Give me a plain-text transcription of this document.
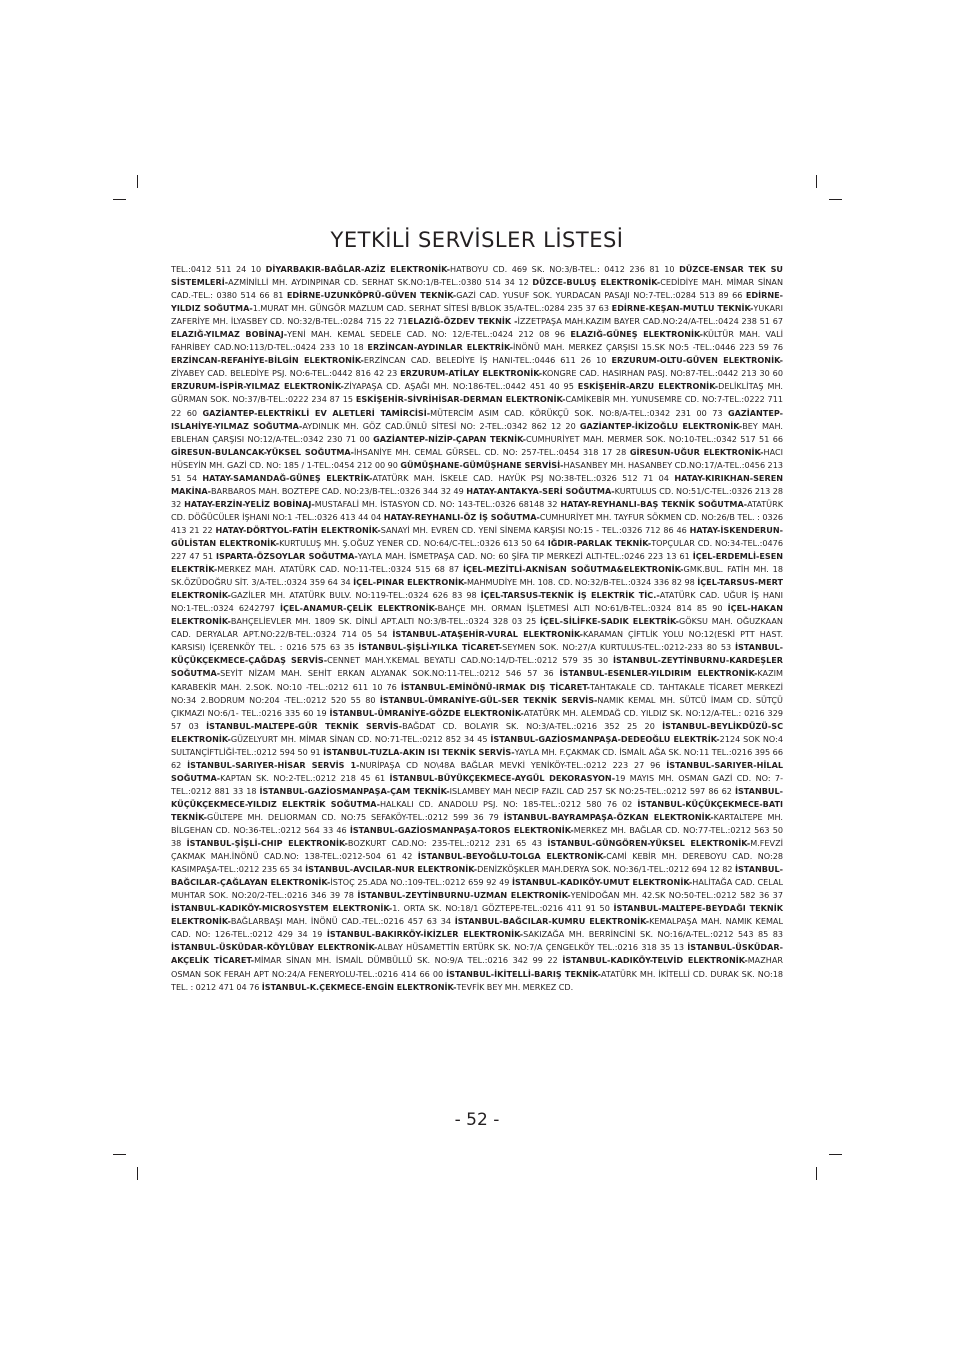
YETKİLİ SERVİSLER LİSTESİ

TEL.:0412 511 24 10 DİYARBAKIR-BAĞLAR-AZİZ ELEKTRONİK-HATBOYU CD. 469 SK. NO:3/B-TEL.: 0412 236 81 10 DÜZCE-ENSAR TEK SU SİSTEMLERİ-AZMİNİLLİ MH. AYDINPINAR CD. SERHAT SK.NO:1/B-TEL.:0380 514 34 12 DÜZCE-BULUŞ ELEKTRONİK-CEDİDİYE MAH. MİMAR SİNAN CAD.-TEL.: 0380 514 66 81 EDİRNE-UZUNKÖPRÜ-GÜVEN TEKNİK-GAZİ CAD. YUSUF SOK. YURDACAN PASAJI NO:7-TEL.:0284 513 89 66 EDİRNE-YILDIZ SOĞUTMA-1.MURAT MH. GÜNGÖR MAZLUM CAD. SERHAT SİTESİ B/BLOK 35/A-TEL.:0284 235 37 63 EDİRNE-KEŞAN-MUTLU TEKNİK-YUKARI ZAFERİYE MH. İLYASBEY CD. NO:32/B-TEL.:0284 715 22 71ELAZIĞ-ÖZDEV TEKNİK -İZZETPAŞA MAH.KAZIM BAYER CAD.NO:24/A-TEL.:0424 238 51 67 ELAZIĞ-YILMAZ BOBİNAJ-YENİ MAH. KEMAL SEDELE CAD. NO: 12/E-TEL.:0424 212 08 96 ELAZIĞ-GÜNEŞ ELEKTRONİK-KÜLTÜR MAH. VALİ FAHRİBEY CAD.NO:113/D-TEL.:0424 233 10 18 ERZİNCAN-AYDINLAR ELEKTRİK-İNÖNÜ MAH. MERKEZ ÇARŞISI 15.SK NO:5 -TEL.:0446 223 59 76 ERZİNCAN-REFAHİYE-BİLGİN ELEKTRONİK-ERZİNCAN CAD. BELEDİYE İŞ HANI-TEL.:0446 611 26 10 ERZURUM-OLTU-GÜVEN ELEKTRONİK-ZİYABEY CAD. BELEDİYE PSJ. NO:6-TEL.:0442 816 42 23 ERZURUM-ATİLAY ELEKTRONİK-KONGRE CAD. HASIRHAN PASJ. NO:87-TEL.:0442 213 30 60 ERZURUM-İSPİR-YILMAZ ELEKTRONİK-ZİYAPAŞA CD. AŞAĞI MH. NO:186-TEL.:0442 451 40 95 ESKİŞEHİR-ARZU ELEKTRONİK-DELİKLİTAŞ MH. GÜRMAN SOK. NO:37/B-TEL.:0222 234 87 15 ESKİŞEHİR-SİVRİHİSAR-DERMAN ELEKTRONİK-CAMİKEBİR MH. YUNUSEMRE CD. NO:7-TEL.:0222 711 22 60 GAZİANTEP-ELEKTRİKLİ EV ALETLERİ TAMİRCİSİ-MÜTERCİM ASIM CAD. KÖRÜKÇÜ SOK. NO:8/A-TEL.:0342 231 00 73 GAZİANTEP-ISLAHİYE-YILMAZ SOĞUTMA-AYDINLIK MH. GÖZ CAD.ÜNLÜ SİTESİ NO: 2-TEL.:0342 862 12 20 GAZİANTEP-İKİZOĞLU ELEKTRONİK-BEY MAH. EBLEHAN ÇARŞISI NO:12/A-TEL.:0342 230 71 00 GAZİANTEP-NİZİP-ÇAPAN TEKNİK-CUMHURİYET MAH. MERMER SOK. NO:10-TEL.:0342 517 51 66 GİRESUN-BULANCAK-YÜKSEL SOĞUTMA-İHSANİYE MH. CEMAL GÜRSEL. CD. NO: 257-TEL.:0454 318 17 28 GİRESUN-UĞUR ELEKTRONİK-HACI HÜSEYİN MH. GAZİ CD. NO: 185 / 1-TEL.:0454 212 00 90 GÜMÜŞHANE-GÜMÜŞHANE SERVİSİ-HASANBEY MH. HASANBEY CD.NO:17/A-TEL.:0456 213 51 54 HATAY-SAMANDAĞ-GÜNEŞ ELEKTRİK-ATATÜRK MAH. İSKELE CAD. HAYÜK PSJ NO:38-TEL.:0326 512 71 04 HATAY-KIRIKHAN-SEREN MAKİNA-BARBAROS MAH. BOZTEPE CAD. NO:23/B-TEL.:0326 344 32 49 HATAY-ANTAKYA-SERİ SOĞUTMA-KURTULUS CD. NO:51/C-TEL.:0326 213 28 32 HATAY-ERZİN-YELİZ BOBİNAJ-MUSTAFALİ MH. İSTASYON CD. NO: 143-TEL.:0326 68148 32 HATAY-REYHANLI-BAŞ TEKNİK SOĞUTMA-ATATÜRK CD. DÖĞÜCÜLER İŞHANI NO:1 -TEL.:0326 413 44 04 HATAY-REYHANLI-ÖZ İŞ SOĞUTMA-CUMHURİYET MH. TAYFUR SÖKMEN CD. NO:26/B TEL. : 0326 413 21 22 HATAY-DÖRTYOL-FATİH ELEKTRONİK-SANAYİ MH. EVREN CD. YENİ SİNEMA KARŞISI NO:15 - TEL.:0326 712 86 46 HATAY-İSKENDERUN-GÜLİSTAN ELEKTRONİK-KURTULUŞ MH. Ş.OĞUZ YENER CD. NO:64/C-TEL.:0326 613 50 64 IĞDIR-PARLAK TEKNİK-TOPÇULAR CD. NO:34-TEL.:0476 227 47 51 ISPARTA-ÖZSOYLAR SOĞUTMA-YAYLA MAH. İSMETPAŞA CAD. NO: 60 ŞİFA TIP MERKEZİ ALTI-TEL.:0246 223 13 61 İÇEL-ERDEMLİ-ESEN ELEKTRİK-MERKEZ MAH. ATATÜRK CAD. NO:11-TEL.:0324 515 68 87 İÇEL-MEZİTLİ-AKNİSAN SOĞUTMA&ELEKTRONİK-GMK.BUL. FATİH MH. 18 SK.ÖZÜDOĞRU SİT. 3/A-TEL.:0324 359 64 34 İÇEL-PINAR ELEKTRONİK-MAHMUDİYE MH. 108. CD. NO:32/B-TEL.:0324 336 82 98 İÇEL-TARSUS-MERT ELEKTRONİK-GAZİLER MH. ATATÜRK BULV. NO:119-TEL.:0324 626 83 98 İÇEL-TARSUS-TEKNİK İŞ ELEKTRİK TİC.-ATATÜRK CAD. UĞUR İŞ HANI NO:1-TEL.:0324 6242797 İÇEL-ANAMUR-ÇELİK ELEKTRONİK-BAHÇE MH. ORMAN İŞLETMESİ ALTI NO:61/B-TEL.:0324 814 85 90 İÇEL-HAKAN ELEKTRONİK-BAHÇELİEVLER MH. 1809 SK. DİNLİ APT.ALTI NO:3/B-TEL.:0324 328 03 25 İÇEL-SİLİFKE-SADIK ELEKTRİK-GÖKSU MAH. OĞUZKAAN CAD. DERYALAR APT.NO:22/B-TEL.:0324 714 05 54 İSTANBUL-ATAŞEHİR-VURAL ELEKTRONİK-KARAMAN ÇİFTLİK YOLU NO:12(ESKİ PTT HAST. KARSISI) İÇERENKÖY TEL. : 0216 575 63 35 İSTANBUL-ŞİŞLİ-YILKA TİCARET-SEYMEN SOK. NO:27/A KURTULUS-TEL.:0212-233 80 53 İSTANBUL-KÜÇÜKÇEKMECE-ÇAĞDAŞ SERVİS-CENNET MAH.Y.KEMAL BEYATLI CAD.NO:14/D-TEL.:0212 579 35 30 İSTANBUL-ZEYTİNBURNU-KARDEŞLER SOĞUTMA-SEYİT NİZAM MAH. SEHİT ERKAN ALYANAK SOK.NO:11-TEL.:0212 546 57 36 İSTANBUL-ESENLER-YILDIRIM ELEKTRONİK-KAZIM KARABEKİR MAH. 2.SOK. NO:10 -TEL.:0212 611 10 76 İSTANBUL-EMİNÖNÜ-IRMAK DIŞ TİCARET-TAHTAKALE CD. TAHTAKALE TİCARET MERKEZİ NO:34 2.BODRUM NO:204 -TEL.:0212 520 55 80 İSTANBUL-ÜMRANİYE-GÜL-SER TEKNİK SERVİS-NAMIK KEMAL MH. SÜTCÜ İMAM CD. SÜTÇÜ ÇIKMAZI NO:6/1- TEL.:0216 335 60 19 İSTANBUL-ÜMRANİYE-GÖZDE ELEKTRONİK-ATATÜRK MH. ALEMDAĞ CD. YILDIZ SK. NO:12/A-TEL.: 0216 329 57 03 İSTANBUL-MALTEPE-GÜR TEKNİK SERVİS-BAĞDAT CD. BOLAYIR SK. NO:3/A-TEL.:0216 352 25 20 İSTANBUL-BEYLİKDÜZÜ-SC ELEKTRONİK-GÜZELYURT MH. MİMAR SİNAN CD. NO:71-TEL.:0212 852 34 45 İSTANBUL-GAZİOSMANPAŞA-DEDEOĞLU ELEKTRİK-2124 SOK NO:4 SULTANÇİFTLİĞİ-TEL.:0212 594 50 91 İSTANBUL-TUZLA-AKIN ISI TEKNİK SERVİS-YAYLA MH. F.ÇAKMAK CD. İSMAİL AĞA SK. NO:11 TEL.:0216 395 66 62 İSTANBUL-SARIYER-HİSAR SERVİS 1-NURİPAŞA CD NO\48A BAĞLAR MEVKİ YENİKÖY-TEL.:0212 223 27 96 İSTANBUL-SARIYER-HİLAL SOĞUTMA-KAPTAN SK. NO:2-TEL.:0212 218 45 61 İSTANBUL-BÜYÜKÇEKMECE-AYGÜL DEKORASYON-19 MAYIS MH. OSMAN GAZİ CD. NO: 7-TEL.:0212 881 33 18 İSTANBUL-GAZİOSMANPAŞA-ÇAM TEKNİK-ISLAMBEY MAH NECIP FAZIL CAD 257 SK NO:25-TEL.:0212 597 86 62 İSTANBUL-KÜÇÜKÇEKMECE-YILDIZ ELEKTRİK SOĞUTMA-HALKALI CD. ANADOLU PSJ. NO: 185-TEL.:0212 580 76 02 İSTANBUL-KÜÇÜKÇEKMECE-BATI TEKNİK-GÜLTEPE MH. DELIORMAN CD. NO:75 SEFAKÖY-TEL.:0212 599 36 79 İSTANBUL-BAYRAMPAŞA-ÖZKAN ELEKTRONİK-KARTALTEPE MH. BİLGEHAN CD. NO:36-TEL.:0212 564 33 46 İSTANBUL-GAZİOSMANPAŞA-TOROS ELEKTRONİK-MERKEZ MH. BAĞLAR CD. NO:77-TEL.:0212 563 50 38 İSTANBUL-ŞİŞLİ-CHIP ELEKTRONİK-BOZKURT CAD.NO: 235-TEL.:0212 231 65 43 İSTANBUL-GÜNGÖREN-YÜKSEL ELEKTRONİK-M.FEVZİ ÇAKMAK MAH.İNÖNÜ CAD.NO: 138-TEL.:0212-504 61 42 İSTANBUL-BEYOĞLU-TOLGA ELEKTRONİK-CAMİ KEBİR MH. DEREBOYU CAD. NO:28 KASIMPAŞA-TEL.:0212 235 65 34 İSTANBUL-AVCILAR-NUR ELEKTRONİK-DENİZKÖŞKLER MAH.DERYA SOK. NO:36/1-TEL.:0212 694 12 82 İSTANBUL-BAĞCILAR-ÇAĞLAYAN ELEKTRONİK-İSTOÇ 25.ADA NO.:109-TEL.:0212 659 92 49 İSTANBUL-KADIKÖY-UMUT ELEKTRONİK-HALİTAĞA CAD. CELAL MUHTAR SOK. NO:20/2-TEL.:0216 346 39 78 İSTANBUL-ZEYTİNBURNU-UZMAN ELEKTRONİK-YENİDOĞAN MH. 42.SK NO:50-TEL.:0212 582 36 37 İSTANBUL-KADIKÖY-MICROSYSTEM ELEKTRONİK-1. ORTA SK. NO:18/1 GÖZTEPE-TEL.:0216 411 91 50 İSTANBUL-MALTEPE-BEYDAĞI TEKNİK ELEKTRONİK-BAĞLARBAŞI MAH. İNÖNÜ CAD.-TEL.:0216 457 63 34 İSTANBUL-BAĞCILAR-KUMRU ELEKTRONİK-KEMALPAŞA MAH. NAMIK KEMAL CAD. NO: 126-TEL.:0212 429 34 19 İSTANBUL-BAKIRKÖY-İKİZLER ELEKTRONİK-SAKIZAĞA MH. BERRİNCİNİ SK. NO:16/A-TEL.:0212 543 85 83 İSTANBUL-ÜSKÜDAR-KÖYLÜBAY ELEKTRONİK-ALBAY HÜSAMETTİN ERTÜRK SK. NO:7/A ÇENGELKÖY TEL.:0216 318 35 13 İSTANBUL-ÜSKÜDAR-AKÇELİK TİCARET-MİMAR SİNAN MH. İSMAİL DÜMBÜLLÜ SK. NO:9/A TEL.:0216 342 99 22 İSTANBUL-KADIKÖY-TELVİD ELEKTRONİK-MAZHAR OSMAN SOK FERAH APT NO:24/A FENERYOLU-TEL.:0216 414 66 00 İSTANBUL-İKİTELLİ-BARIŞ TEKNİK-ATATÜRK MH. İKİTELLİ CD. DURAK SK. NO:18 TEL. : 0212 471 04 76 İSTANBUL-K.ÇEKMECE-ENGİN ELEKTRONİK-TEVFİK BEY MH. MERKEZ CD.

- 52 -
